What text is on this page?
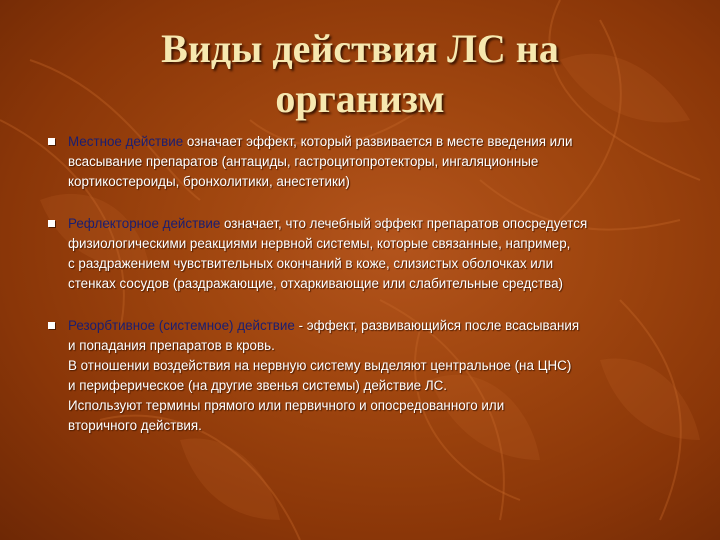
Виды действия ЛС на
организм
Местное действие означает эффект, который развивается в месте введения или
всасывание препаратов (антациды, гастроцитопротекторы, ингаляционные
кортикостероиды, бронхолитики, анестетики)
Рефлекторное действие означает, что лечебный эффект препаратов опосредуется
физиологическими реакциями нервной системы, которые связанные, например,
с раздражением чувствительных окончаний в коже, слизистых оболочках или
стенках сосудов (раздражающие, отхаркивающие или слабительные средства)
Резорбтивное (системное) действие - эффект, развивающийся после всасывания
и попадания препаратов в кровь.
В отношении воздействия на нервную систему выделяют центральное (на ЦНС)
и периферическое (на другие звенья системы) действие ЛС.
Используют термины прямого или первичного и опосредованного или
вторичного действия.
